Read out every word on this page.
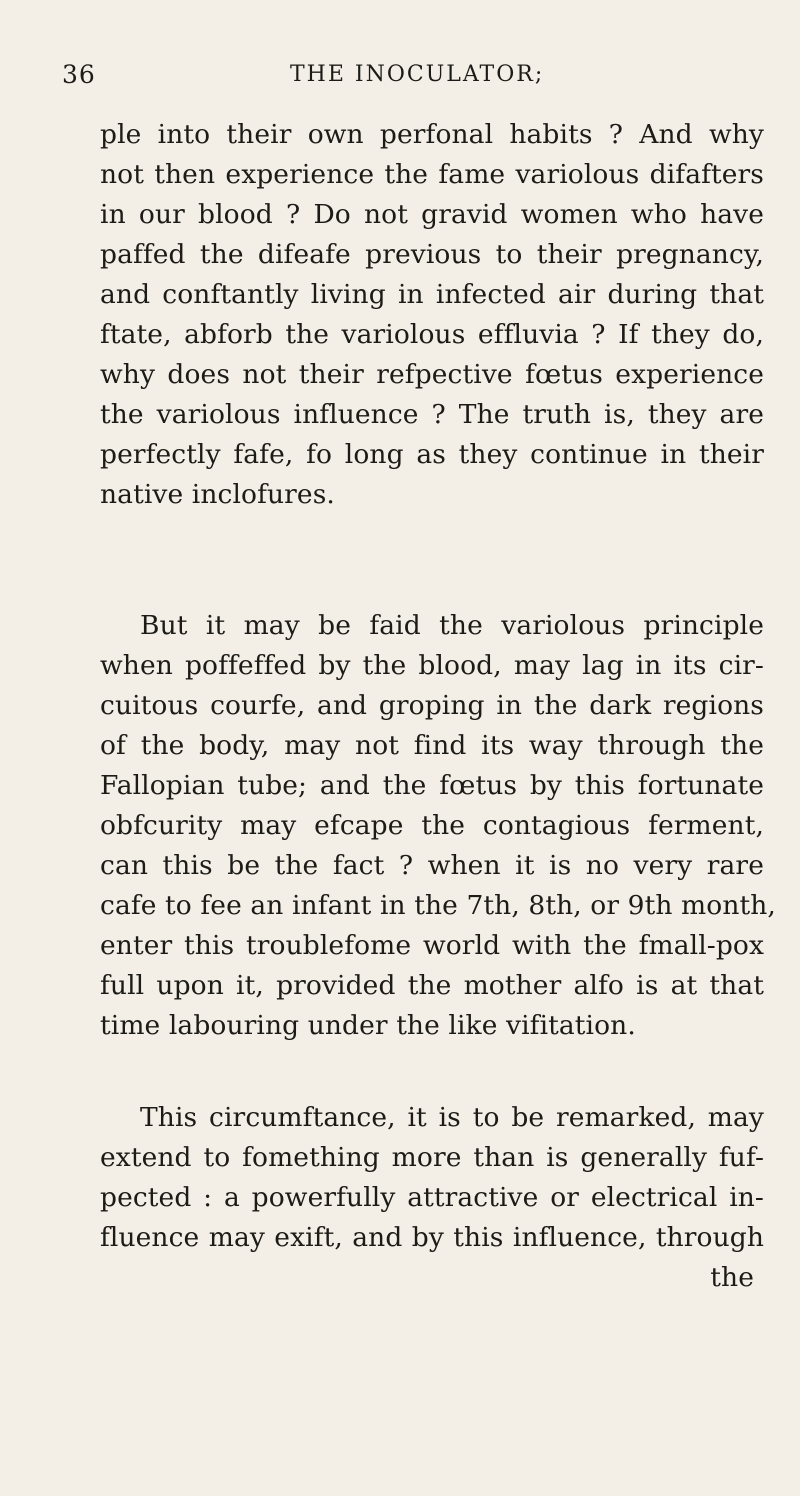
36	THE INOCULATOR;
ple into their own perfonal habits ? And why
not then experience the fame variolous difafters
in our blood ? Do not gravid women who have
paffed the difeafe previous to their pregnancy,
and conftantly living in infected air during that
ftate, abforb the variolous effluvia ? If they do,
why does not their refpective fœtus experience
the variolous influence ? The truth is, they are
perfectly fafe, fo long as they continue in their
native inclofures.
But it may be faid the variolous principle
when poffeffed by the blood, may lag in its cir-
cuitous courfe, and groping in the dark regions
of the body, may not find its way through the
Fallopian tube; and the fœtus by this fortunate
obfcurity may efcape the contagious ferment,
can this be the fact ? when it is no very rare
cafe to fee an infant in the 7th, 8th, or 9th month,
enter this troublefome world with the fmall-pox
full upon it, provided the mother alfo is at that
time labouring under the like vifitation.
This circumftance, it is to be remarked, may
extend to fomething more than is generally fuf-
pected : a powerfully attractive or electrical in-
fluence may exift, and by this influence, through
the
